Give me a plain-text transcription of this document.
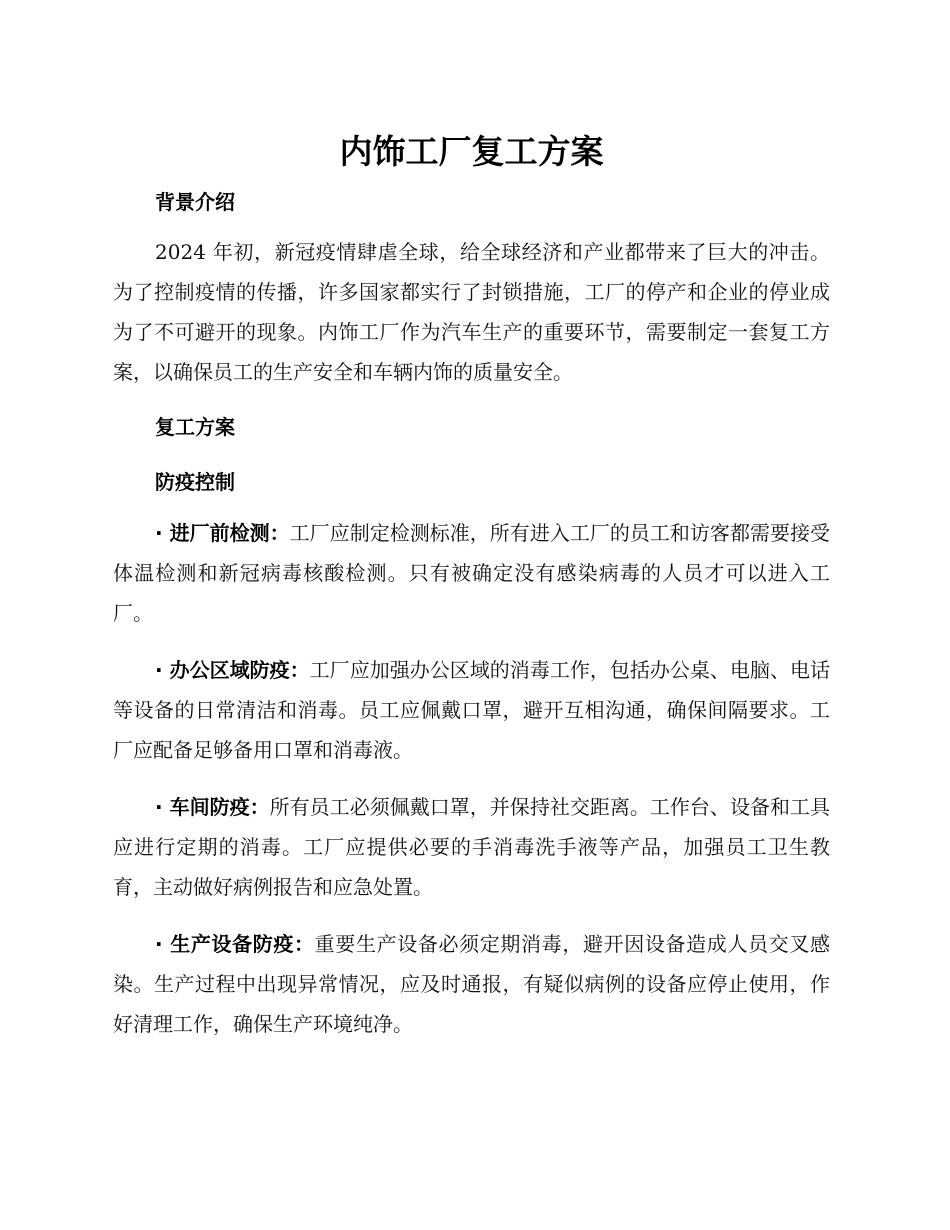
内饰工厂复工方案
背景介绍

2024 年初，新冠疫情肆虐全球，给全球经济和产业都带来了巨大的冲击。为了控制疫情的传播，许多国家都实行了封锁措施，工厂的停产和企业的停业成为了不可避开的现象。内饰工厂作为汽车生产的重要环节，需要制定一套复工方案，以确保员工的生产安全和车辆内饰的质量安全。

复工方案
防疫控制

· 进厂前检测：工厂应制定检测标准，所有进入工厂的员工和访客都需要接受体温检测和新冠病毒核酸检测。只有被确定没有感染病毒的人员才可以进入工厂。

· 办公区域防疫：工厂应加强办公区域的消毒工作，包括办公桌、电脑、电话等设备的日常清洁和消毒。员工应佩戴口罩，避开互相沟通，确保间隔要求。工厂应配备足够备用口罩和消毒液。

· 车间防疫：所有员工必须佩戴口罩，并保持社交距离。工作台、设备和工具应进行定期的消毒。工厂应提供必要的手消毒洗手液等产品，加强员工卫生教育，主动做好病例报告和应急处置。

· 生产设备防疫：重要生产设备必须定期消毒，避开因设备造成人员交叉感染。生产过程中出现异常情况，应及时通报，有疑似病例的设备应停止使用，作好清理工作，确保生产环境纯净。
